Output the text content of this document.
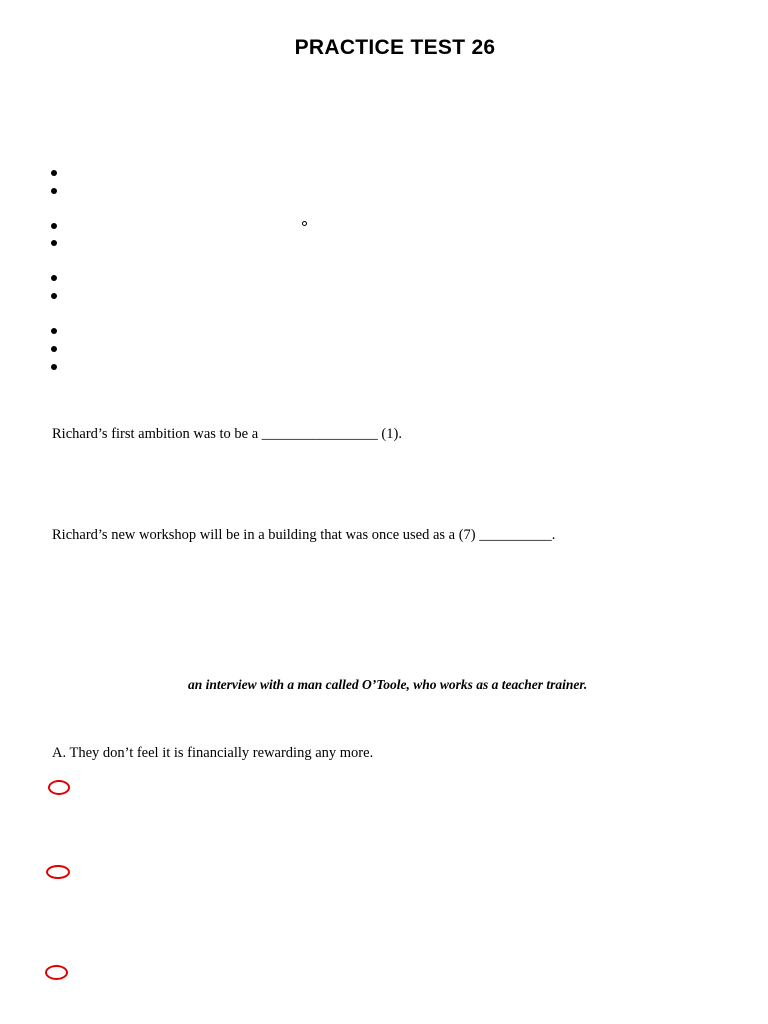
PRACTICE TEST 26
Richard’s first ambition was to be a ________________ (1).
Richard’s new workshop will be in a building that was once used as a (7) __________.
an interview with a man called O’Toole, who works as a teacher trainer.
A. They don’t feel it is financially rewarding any more.
